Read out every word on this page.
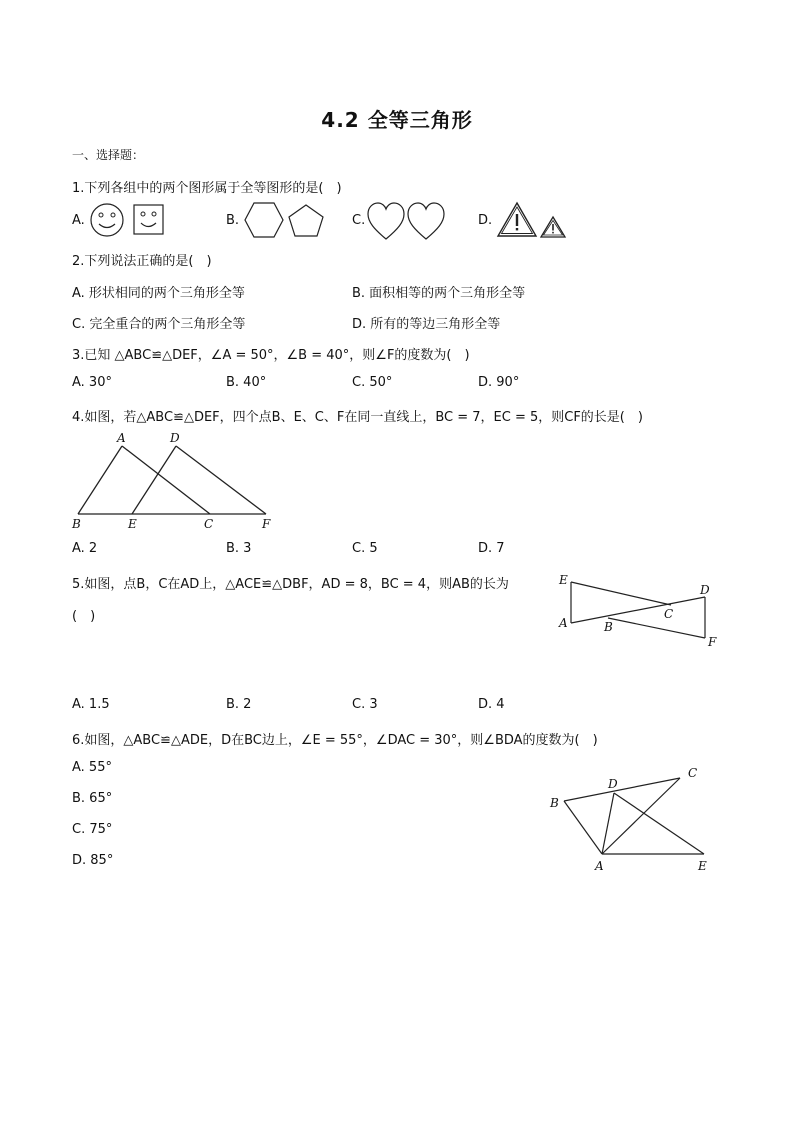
4.2 全等三角形
一、选择题：
1.下列各组中的两个图形属于全等图形的是(　)
A.	B.	C.	D.
2.下列说法正确的是(　)
A. 形状相同的两个三角形全等	B. 面积相等的两个三角形全等
C. 完全重合的两个三角形全等	D. 所有的等边三角形全等
3.已知 △ABC≌△DEF，∠A = 50°，∠B = 40°，则∠F的度数为(　)
A. 30°	B. 40°	C. 50°	D. 90°
4.如图，若△ABC≌△DEF，四个点B、E、C、F在同一直线上，BC = 7，EC = 5，则CF的长是(　)
A	D
B	E	C	F
A. 2	B. 3	C. 5	D. 7
5.如图，点B，C在AD上，△ACE≌△DBF，AD = 8，BC = 4，则AB的长为
(　)
E
D
C
A	B
F
A. 1.5	B. 2	C. 3	D. 4
6.如图，△ABC≌△ADE，D在BC边上，∠E = 55°，∠DAC = 30°，则∠BDA的度数为(　)
A. 55°
B. 65°
C. 75°
D. 85°
D
C
B
A	E
